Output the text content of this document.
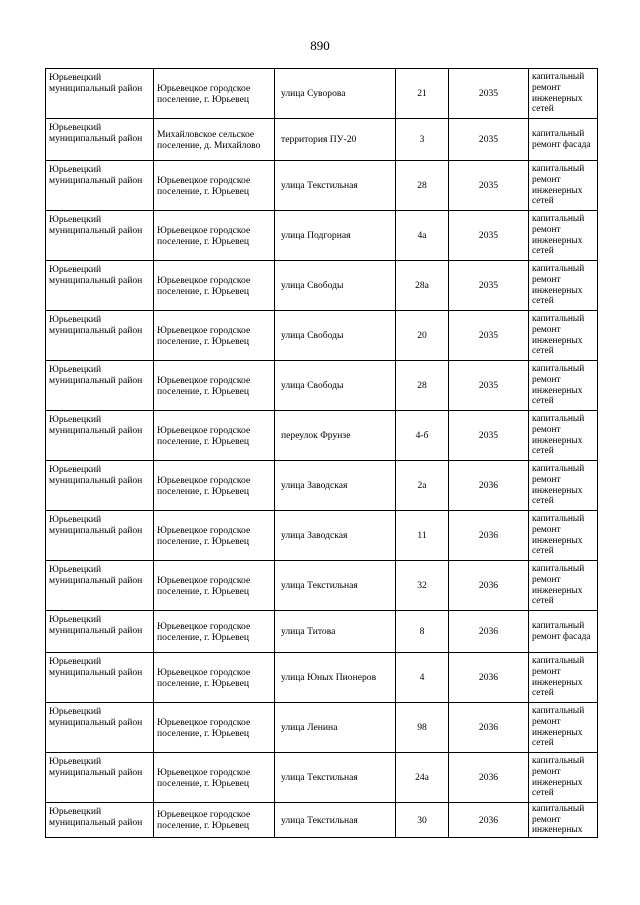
890
Юрьевецкий муниципальный район	Юрьевецкое городское поселение, г. Юрьевец	улица Суворова	21	2035	капитальный ремонт инженерных сетей
Юрьевецкий муниципальный район	Михайловское сельское поселение, д. Михайлово	территория ПУ-20	3	2035	капитальный ремонт фасада
Юрьевецкий муниципальный район	Юрьевецкое городское поселение, г. Юрьевец	улица Текстильная	28	2035	капитальный ремонт инженерных сетей
Юрьевецкий муниципальный район	Юрьевецкое городское поселение, г. Юрьевец	улица Подгорная	4а	2035	капитальный ремонт инженерных сетей
Юрьевецкий муниципальный район	Юрьевецкое городское поселение, г. Юрьевец	улица Свободы	28а	2035	капитальный ремонт инженерных сетей
Юрьевецкий муниципальный район	Юрьевецкое городское поселение, г. Юрьевец	улица Свободы	20	2035	капитальный ремонт инженерных сетей
Юрьевецкий муниципальный район	Юрьевецкое городское поселение, г. Юрьевец	улица Свободы	28	2035	капитальный ремонт инженерных сетей
Юрьевецкий муниципальный район	Юрьевецкое городское поселение, г. Юрьевец	переулок Фрунзе	4-б	2035	капитальный ремонт инженерных сетей
Юрьевецкий муниципальный район	Юрьевецкое городское поселение, г. Юрьевец	улица Заводская	2а	2036	капитальный ремонт инженерных сетей
Юрьевецкий муниципальный район	Юрьевецкое городское поселение, г. Юрьевец	улица Заводская	11	2036	капитальный ремонт инженерных сетей
Юрьевецкий муниципальный район	Юрьевецкое городское поселение, г. Юрьевец	улица Текстильная	32	2036	капитальный ремонт инженерных сетей
Юрьевецкий муниципальный район	Юрьевецкое городское поселение, г. Юрьевец	улица Титова	8	2036	капитальный ремонт фасада
Юрьевецкий муниципальный район	Юрьевецкое городское поселение, г. Юрьевец	улица Юных Пионеров	4	2036	капитальный ремонт инженерных сетей
Юрьевецкий муниципальный район	Юрьевецкое городское поселение, г. Юрьевец	улица Ленина	98	2036	капитальный ремонт инженерных сетей
Юрьевецкий муниципальный район	Юрьевецкое городское поселение, г. Юрьевец	улица Текстильная	24а	2036	капитальный ремонт инженерных сетей
Юрьевецкий муниципальный район	Юрьевецкое городское поселение, г. Юрьевец	улица Текстильная	30	2036	капитальный ремонт инженерных
